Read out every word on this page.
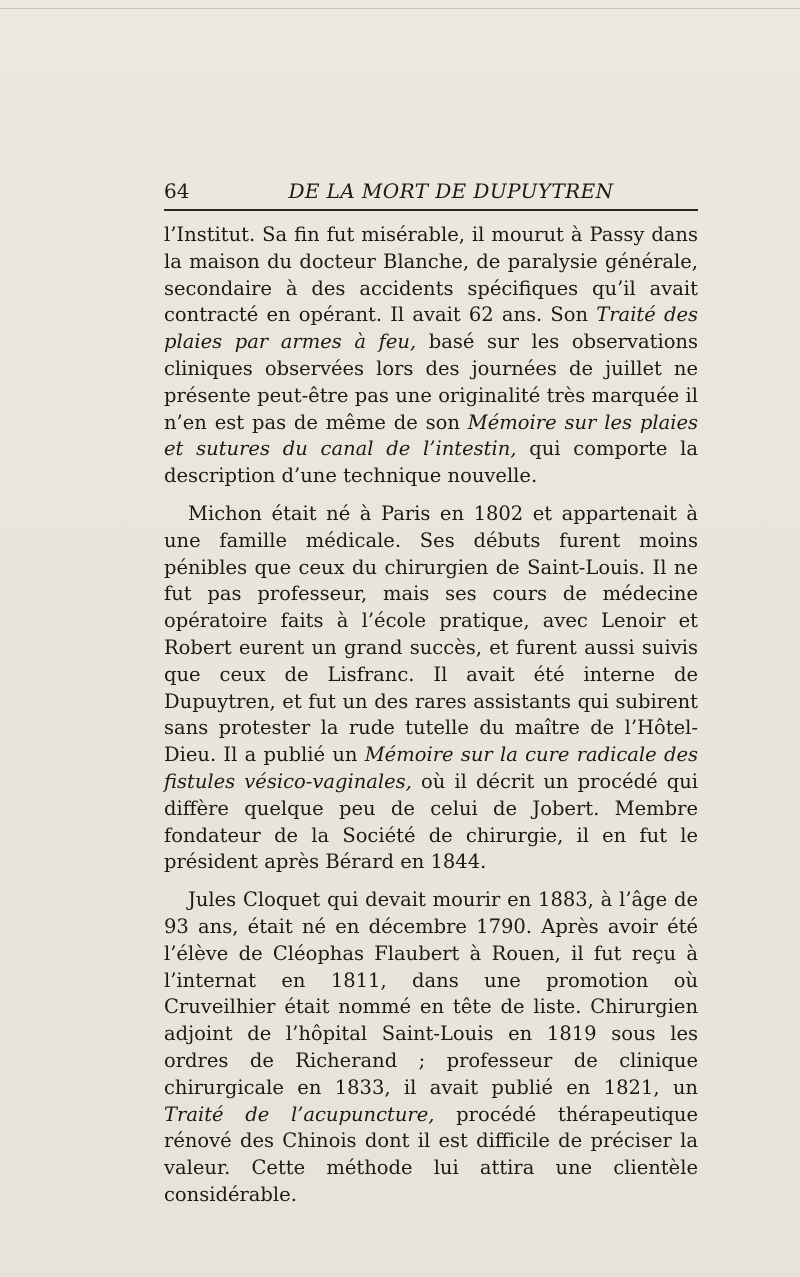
64	DE LA MORT DE DUPUYTREN

l’Institut. Sa fin fut misérable, il mourut à Passy dans la maison du docteur Blanche, de paralysie générale, secondaire à des accidents spécifiques qu’il avait contracté en opérant. Il avait 62 ans. Son Traité des plaies par armes à feu, basé sur les observations cliniques observées lors des journées de juillet ne présente peut-être pas une originalité très marquée il n’en est pas de même de son Mémoire sur les plaies et sutures du canal de l’intestin, qui comporte la description d’une technique nouvelle.

Michon était né à Paris en 1802 et appartenait à une famille médicale. Ses débuts furent moins pénibles que ceux du chirurgien de Saint-Louis. Il ne fut pas professeur, mais ses cours de médecine opératoire faits à l’école pratique, avec Lenoir et Robert eurent un grand succès, et furent aussi suivis que ceux de Lisfranc. Il avait été interne de Dupuytren, et fut un des rares assistants qui subirent sans protester la rude tutelle du maître de l’Hôtel-Dieu. Il a publié un Mémoire sur la cure radicale des fistules vésico-vaginales, où il décrit un procédé qui diffère quelque peu de celui de Jobert. Membre fondateur de la Société de chirurgie, il en fut le président après Bérard en 1844.

Jules Cloquet qui devait mourir en 1883, à l’âge de 93 ans, était né en décembre 1790. Après avoir été l’élève de Cléophas Flaubert à Rouen, il fut reçu à l’internat en 1811, dans une promotion où Cruveilhier était nommé en tête de liste. Chirurgien adjoint de l’hôpital Saint-Louis en 1819 sous les ordres de Richerand ; professeur de clinique chirurgicale en 1833, il avait publié en 1821, un Traité de l’acupuncture, procédé thérapeutique rénové des Chinois dont il est difficile de préciser la valeur. Cette méthode lui attira une clientèle considérable.
